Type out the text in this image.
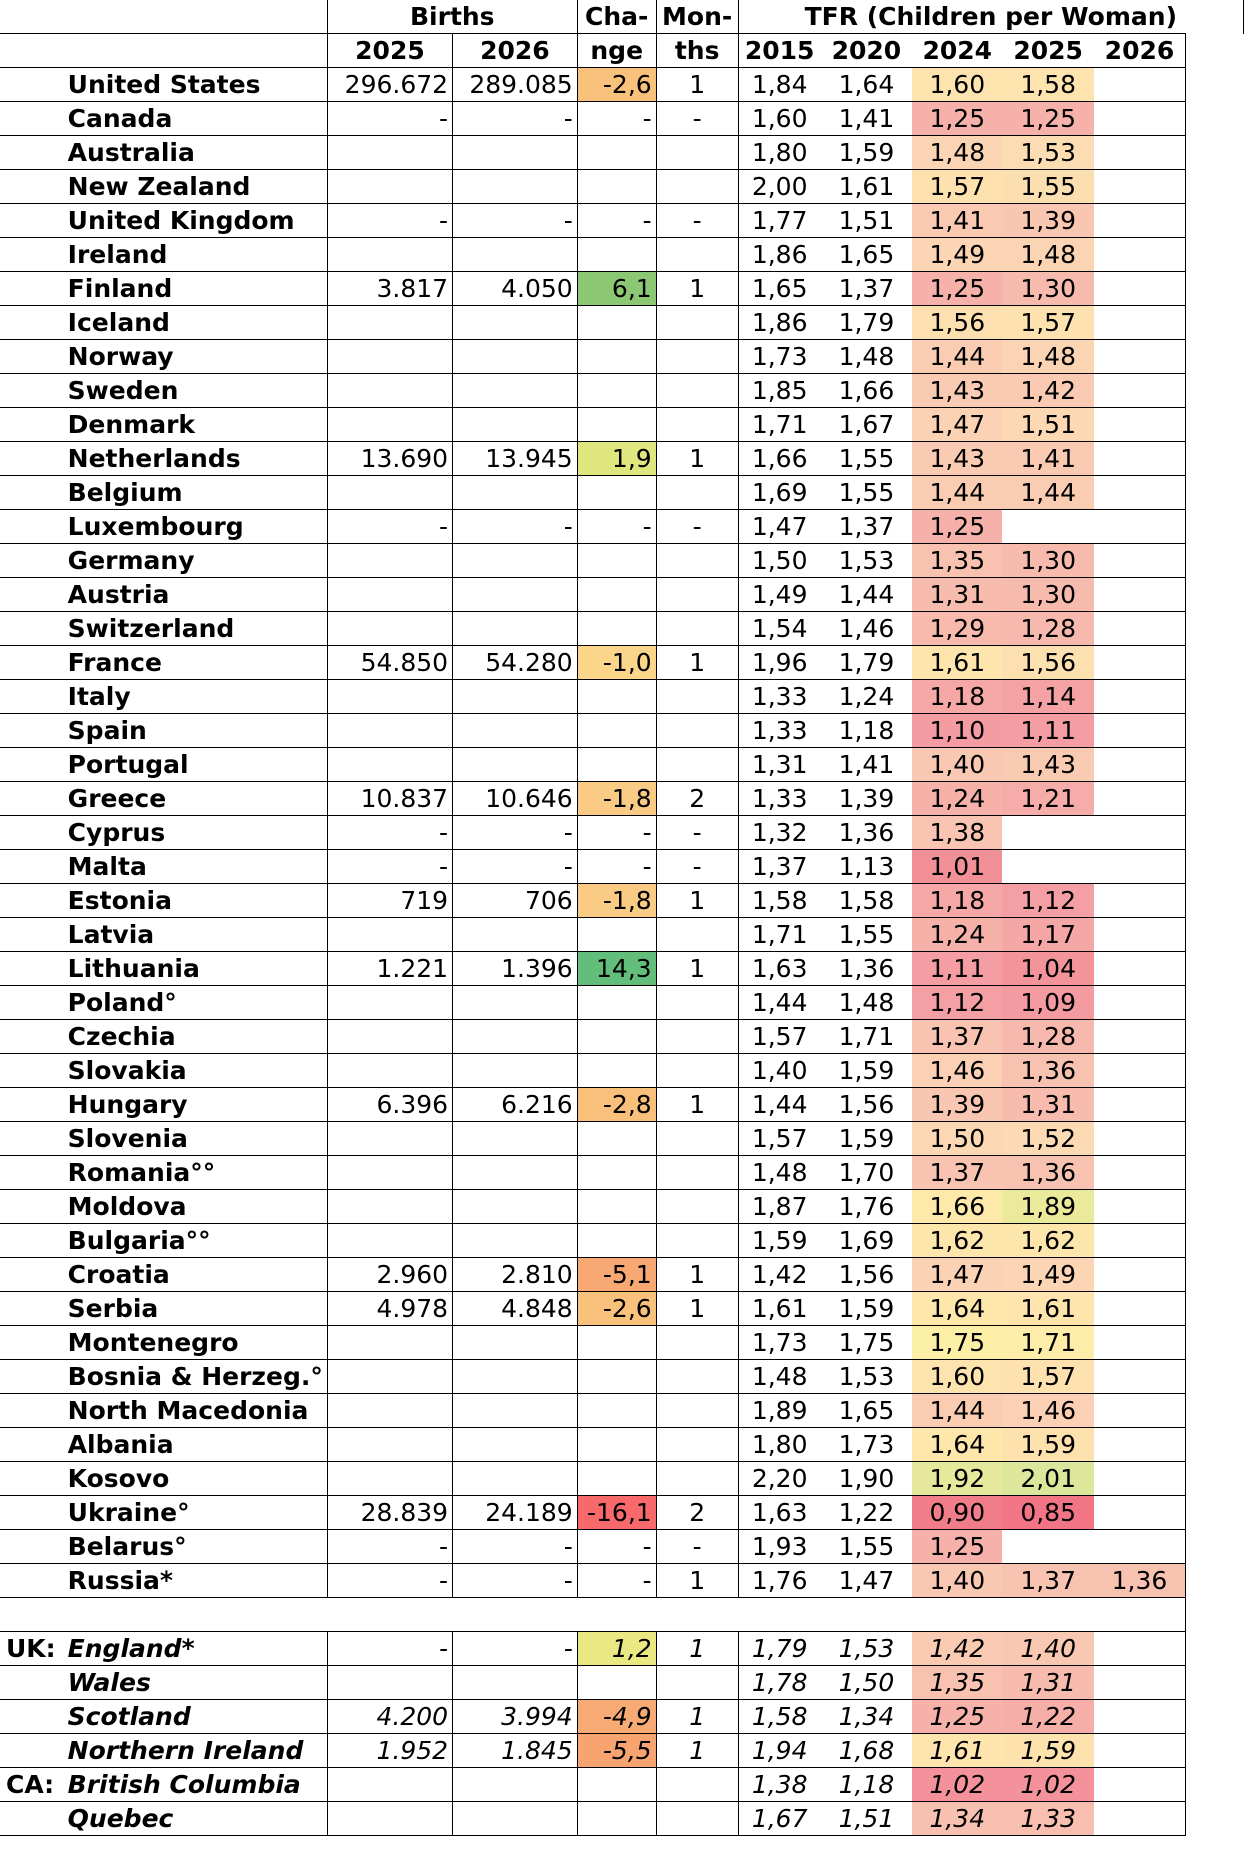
		Births		Cha-	Mon-	TFR (Children per Woman)				
		2025	2026	nge	ths	2015	2020	2024	2025	2026
	United States	296.672	289.085	-2,6	1	1,84	1,64	1,60	1,58	
	Canada	-	-	-	-	1,60	1,41	1,25	1,25	
	Australia					1,80	1,59	1,48	1,53	
	New Zealand					2,00	1,61	1,57	1,55	
	United Kingdom	-	-	-	-	1,77	1,51	1,41	1,39	
	Ireland					1,86	1,65	1,49	1,48	
	Finland	3.817	4.050	6,1	1	1,65	1,37	1,25	1,30	
	Iceland					1,86	1,79	1,56	1,57	
	Norway					1,73	1,48	1,44	1,48	
	Sweden					1,85	1,66	1,43	1,42	
	Denmark					1,71	1,67	1,47	1,51	
	Netherlands	13.690	13.945	1,9	1	1,66	1,55	1,43	1,41	
	Belgium					1,69	1,55	1,44	1,44	
	Luxembourg	-	-	-	-	1,47	1,37	1,25		
	Germany					1,50	1,53	1,35	1,30	
	Austria					1,49	1,44	1,31	1,30	
	Switzerland					1,54	1,46	1,29	1,28	
	France	54.850	54.280	-1,0	1	1,96	1,79	1,61	1,56	
	Italy					1,33	1,24	1,18	1,14	
	Spain					1,33	1,18	1,10	1,11	
	Portugal					1,31	1,41	1,40	1,43	
	Greece	10.837	10.646	-1,8	2	1,33	1,39	1,24	1,21	
	Cyprus	-	-	-	-	1,32	1,36	1,38		
	Malta	-	-	-	-	1,37	1,13	1,01		
	Estonia	719	706	-1,8	1	1,58	1,58	1,18	1,12	
	Latvia					1,71	1,55	1,24	1,17	
	Lithuania	1.221	1.396	14,3	1	1,63	1,36	1,11	1,04	
	Poland°					1,44	1,48	1,12	1,09	
	Czechia					1,57	1,71	1,37	1,28	
	Slovakia					1,40	1,59	1,46	1,36	
	Hungary	6.396	6.216	-2,8	1	1,44	1,56	1,39	1,31	
	Slovenia					1,57	1,59	1,50	1,52	
	Romania°°					1,48	1,70	1,37	1,36	
	Moldova					1,87	1,76	1,66	1,89	
	Bulgaria°°					1,59	1,69	1,62	1,62	
	Croatia	2.960	2.810	-5,1	1	1,42	1,56	1,47	1,49	
	Serbia	4.978	4.848	-2,6	1	1,61	1,59	1,64	1,61	
	Montenegro					1,73	1,75	1,75	1,71	
	Bosnia & Herzeg.°					1,48	1,53	1,60	1,57	
	North Macedonia					1,89	1,65	1,44	1,46	
	Albania					1,80	1,73	1,64	1,59	
	Kosovo					2,20	1,90	1,92	2,01	
	Ukraine°	28.839	24.189	-16,1	2	1,63	1,22	0,90	0,85	
	Belarus°	-	-	-	-	1,93	1,55	1,25		
	Russia*	-	-	-	1	1,76	1,47	1,40	1,37	1,36

UK:	England*	-	-	1,2	1	1,79	1,53	1,42	1,40	
	Wales					1,78	1,50	1,35	1,31	
	Scotland	4.200	3.994	-4,9	1	1,58	1,34	1,25	1,22	
	Northern Ireland	1.952	1.845	-5,5	1	1,94	1,68	1,61	1,59	
CA:	British Columbia					1,38	1,18	1,02	1,02	
	Quebec					1,67	1,51	1,34	1,33	
